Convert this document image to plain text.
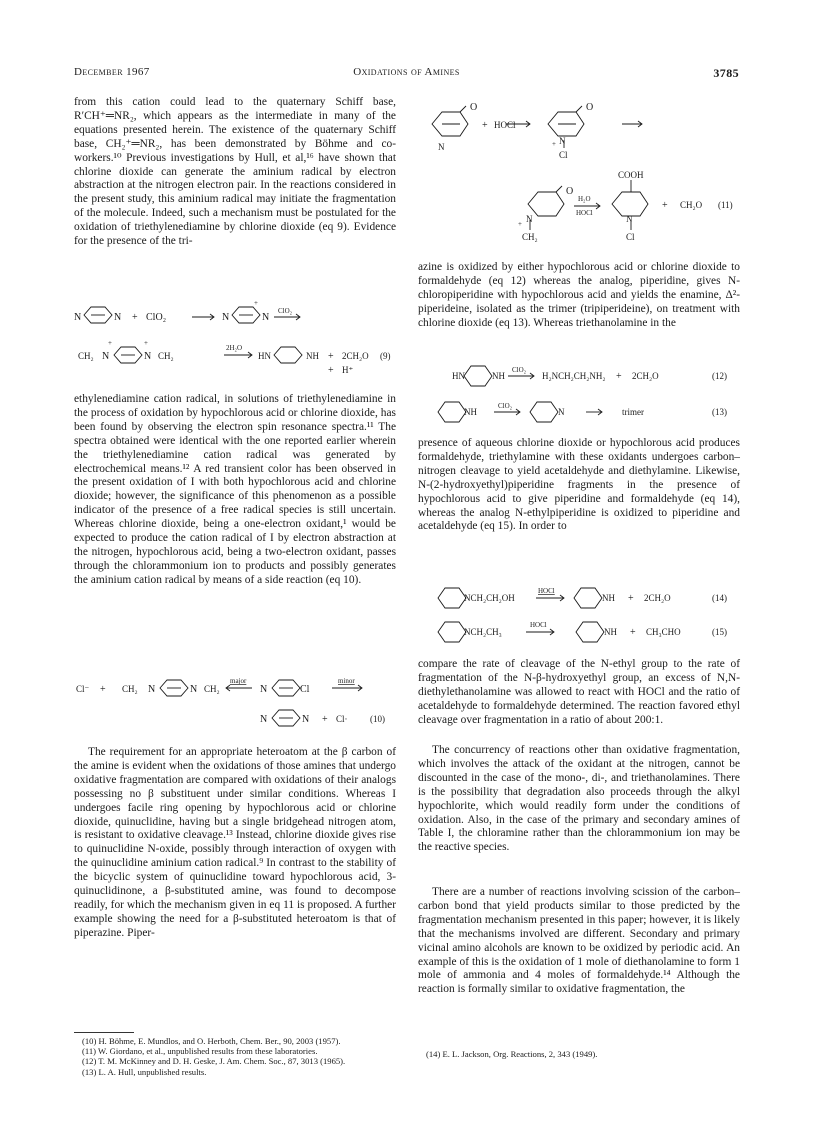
December 1967	Oxidations of Amines	3785

from this cation could lead to the quaternary Schiff base, R′CH⁺═NR₂, which appears as the intermediate in many of the equations presented herein. The existence of the quaternary Schiff base, CH₂⁺═NR₂, has been demonstrated by Böhme and co-workers.¹⁰ Previous investigations by Hull, et al,¹⁶ have shown that chlorine dioxide can generate the aminium radical by electron abstraction at the nitrogen electron pair. In the reactions considered in the present study, this aminium radical may initiate the fragmentation of the molecule. Indeed, such a mechanism must be postulated for the oxidation of triethylenediamine by chlorine dioxide (eq 9). Evidence for the presence of the tri-

N	N + ClO₂	N	N
+
ClO₂
CH₂ N	N
+	+
CH₂
2H₂O
HN	NH + 2CH₂O (9)
+ H⁺

ethylenediamine cation radical, in solutions of triethylenediamine in the process of oxidation by hypochlorous acid or chlorine dioxide, has been found by observing the electron spin resonance spectra.¹¹ The spectra obtained were identical with the one reported earlier wherein the triethylenediamine cation radical was generated by electrochemical means.¹² A red transient color has been observed in the present oxidation of I with both hypochlorous acid and chlorine dioxide; however, the significance of this phenomenon as a possible indicator of the presence of a free radical species is still uncertain. Whereas chlorine dioxide, being a one-electron oxidant,¹ would be expected to produce the cation radical of I by electron abstraction at the nitrogen, hypochlorous acid, being a two-electron oxidant, passes through the chlorammonium ion to products and possibly generates the aminium cation radical by means of a side reaction (eq 10).

Cl⁻ + CH₂ N	N CH₂
major
N	Cl
minor
N	N + Cl· (10)

The requirement for an appropriate heteroatom at the β carbon of the amine is evident when the oxidations of those amines that undergo oxidative fragmentation are compared with oxidations of their analogs possessing no β substituent under similar conditions. Whereas I undergoes facile ring opening by hypochlorous acid or chlorine dioxide, quinuclidine, having but a single bridgehead nitrogen atom, is resistant to oxidative cleavage.¹³ Instead, chlorine dioxide gives rise to quinuclidine N-oxide, possibly through interaction of oxygen with the quinuclidine aminium cation radical.⁹ In contrast to the stability of the bicyclic system of quinuclidine toward hypochlorous acid, 3-quinuclidinone, a β-substituted amine, was found to decompose readily, for which the mechanism given in eq 11 is proposed. A further example showing the need for a β-substituted heteroatom is that of piperazine. Piper-

(10) H. Böhme, E. Mundlos, and O. Herboth, Chem. Ber., 90, 2003 (1957).

(11) W. Giordano, et al., unpublished results from these laboratories.

(12) T. M. McKinney and D. H. Geske, J. Am. Chem. Soc., 87, 3013 (1965).

(13) L. A. Hull, unpublished results.

O
N
+ HOCl
O
+ N
Cl
COOH
O
+ N
CH₂
H₂O
HOCl
N
Cl
+ CH₂O (11)

azine is oxidized by either hypochlorous acid or chlorine dioxide to formaldehyde (eq 12) whereas the analog, piperidine, gives N-chloropiperidine with hypochlorous acid and yields the enamine, Δ²-piperideine, isolated as the trimer (tripiperideine), on treatment with chlorine dioxide (eq 13). Whereas triethanolamine in the

HN	NH
ClO₂
H₂NCH₂CH₂NH₂ + 2CH₂O	(12)
NH
ClO₂
N	trimer	(13)

presence of aqueous chlorine dioxide or hypochlorous acid produces formaldehyde, triethylamine with these oxidants undergoes carbon–nitrogen cleavage to yield acetaldehyde and diethylamine. Likewise, N-(2-hydroxyethyl)piperidine fragments in the presence of hypochlorous acid to give piperidine and formaldehyde (eq 14), whereas the analog N-ethylpiperidine is oxidized to piperidine and acetaldehyde (eq 15). In order to

NCH₂CH₂OH
HOCl
NH + 2CH₂O	(14)
NCH₂CH₃
HOCl
NH + CH₃CHO	(15)

compare the rate of cleavage of the N-ethyl group to the rate of fragmentation of the N-β-hydroxyethyl group, an excess of N,N-diethylethanolamine was allowed to react with HOCl and the ratio of acetaldehyde to formaldehyde determined. The reaction favored ethyl cleavage over fragmentation in a ratio of about 200:1.

The concurrency of reactions other than oxidative fragmentation, which involves the attack of the oxidant at the nitrogen, cannot be discounted in the case of the mono-, di-, and triethanolamines. There is the possibility that degradation also proceeds through the alkyl hypochlorite, which would readily form under the conditions of oxidation. Also, in the case of the primary and secondary amines of Table I, the chloramine rather than the chlorammonium ion may be the reactive species.

There are a number of reactions involving scission of the carbon–carbon bond that yield products similar to those predicted by the fragmentation mechanism presented in this paper; however, it is likely that the mechanisms involved are different. Secondary and primary vicinal amino alcohols are known to be oxidized by periodic acid. An example of this is the oxidation of 1 mole of diethanolamine to form 1 mole of ammonia and 4 moles of formaldehyde.¹⁴ Although the reaction is formally similar to oxidative fragmentation, the

(14) E. L. Jackson, Org. Reactions, 2, 343 (1949).
